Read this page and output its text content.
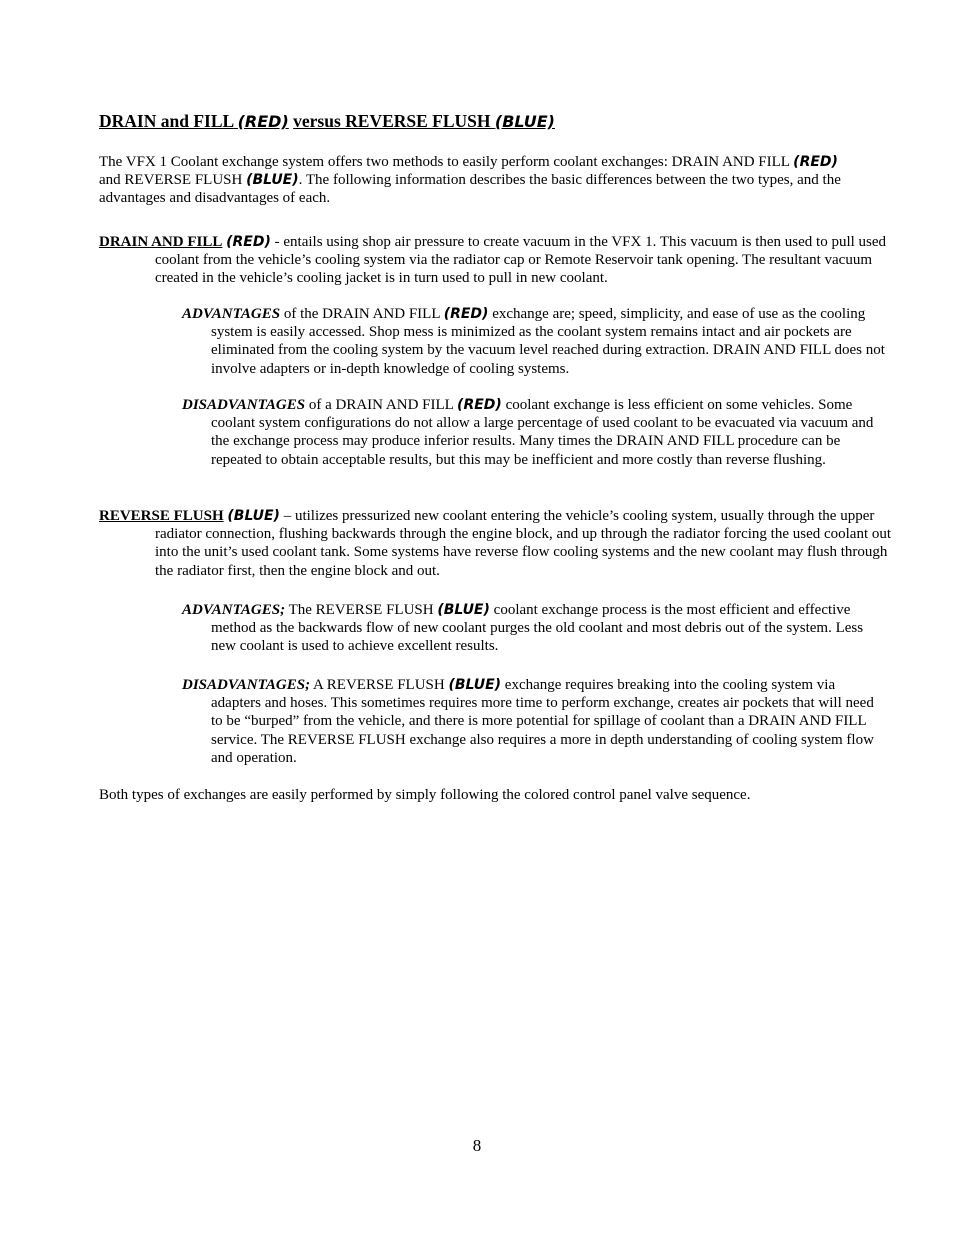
DRAIN and FILL (RED) versus REVERSE FLUSH (BLUE)

The VFX 1 Coolant exchange system offers two methods to easily perform coolant exchanges: DRAIN AND FILL (RED) and REVERSE FLUSH (BLUE). The following information describes the basic differences between the two types, and the advantages and disadvantages of each.

DRAIN AND FILL (RED) - entails using shop air pressure to create vacuum in the VFX 1. This vacuum is then used to pull used coolant from the vehicle’s cooling system via the radiator cap or Remote Reservoir tank opening. The resultant vacuum created in the vehicle’s cooling jacket is in turn used to pull in new coolant.

ADVANTAGES of the DRAIN AND FILL (RED) exchange are; speed, simplicity, and ease of use as the cooling system is easily accessed. Shop mess is minimized as the coolant system remains intact and air pockets are eliminated from the cooling system by the vacuum level reached during extraction. DRAIN AND FILL does not involve adapters or in-depth knowledge of cooling systems.

DISADVANTAGES of a DRAIN AND FILL (RED) coolant exchange is less efficient on some vehicles. Some coolant system configurations do not allow a large percentage of used coolant to be evacuated via vacuum and the exchange process may produce inferior results. Many times the DRAIN AND FILL procedure can be repeated to obtain acceptable results, but this may be inefficient and more costly than reverse flushing.

REVERSE FLUSH (BLUE) – utilizes pressurized new coolant entering the vehicle’s cooling system, usually through the upper radiator connection, flushing backwards through the engine block, and up through the radiator forcing the used coolant out into the unit’s used coolant tank. Some systems have reverse flow cooling systems and the new coolant may flush through the radiator first, then the engine block and out.

ADVANTAGES; The REVERSE FLUSH (BLUE) coolant exchange process is the most efficient and effective method as the backwards flow of new coolant purges the old coolant and most debris out of the system. Less new coolant is used to achieve excellent results.

DISADVANTAGES; A REVERSE FLUSH (BLUE) exchange requires breaking into the cooling system via adapters and hoses. This sometimes requires more time to perform exchange, creates air pockets that will need to be “burped” from the vehicle, and there is more potential for spillage of coolant than a DRAIN AND FILL service. The REVERSE FLUSH exchange also requires a more in depth understanding of cooling system flow and operation.

Both types of exchanges are easily performed by simply following the colored control panel valve sequence.

8
